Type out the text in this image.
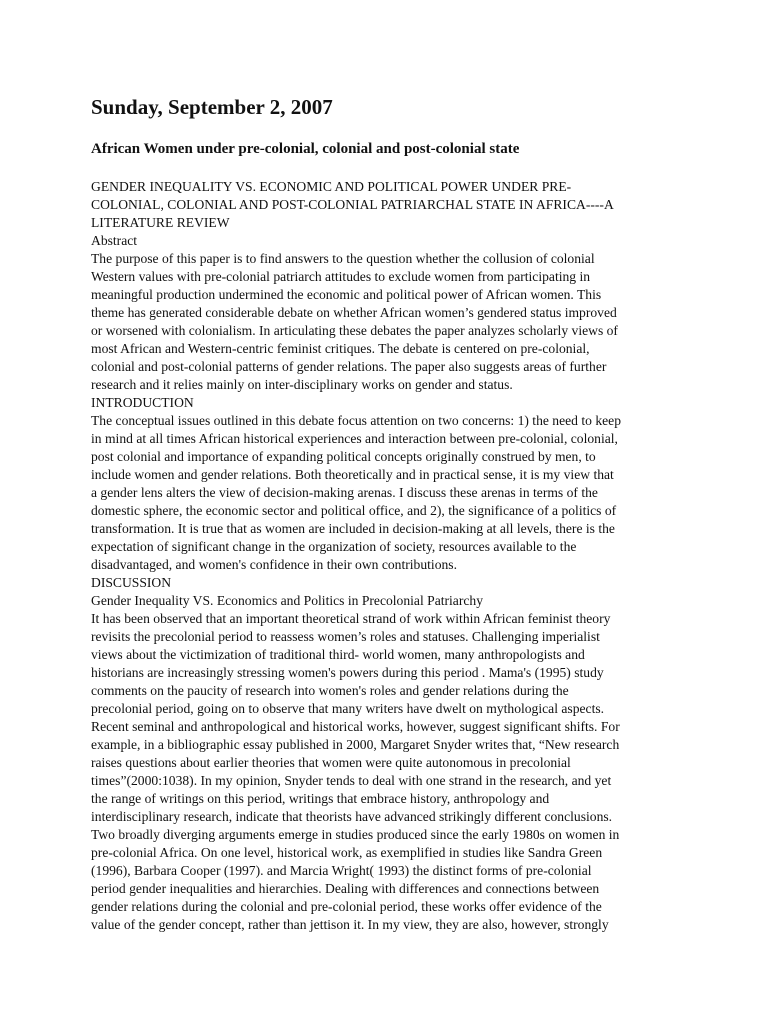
Sunday, September 2, 2007
African Women under pre-colonial, colonial and post-colonial state
GENDER INEQUALITY VS. ECONOMIC AND POLITICAL POWER UNDER PRE-
COLONIAL, COLONIAL AND POST-COLONIAL PATRIARCHAL STATE IN AFRICA----A
LITERATURE REVIEW
Abstract
The purpose of this paper is to find answers to the question whether the collusion of colonial
Western values with pre-colonial patriarch attitudes to exclude women from participating in
meaningful production undermined the economic and political power of African women. This
theme has generated considerable debate on whether African women’s gendered status improved
or worsened with colonialism. In articulating these debates the paper analyzes scholarly views of
most African and Western-centric feminist critiques. The debate is centered on pre-colonial,
colonial and post-colonial patterns of gender relations. The paper also suggests areas of further
research and it relies mainly on inter-disciplinary works on gender and status.
INTRODUCTION
The conceptual issues outlined in this debate focus attention on two concerns: 1) the need to keep
in mind at all times African historical experiences and interaction between pre-colonial, colonial,
post colonial and importance of expanding political concepts originally construed by men, to
include women and gender relations. Both theoretically and in practical sense, it is my view that
a gender lens alters the view of decision-making arenas. I discuss these arenas in terms of the
domestic sphere, the economic sector and political office, and 2), the significance of a politics of
transformation. It is true that as women are included in decision-making at all levels, there is the
expectation of significant change in the organization of society, resources available to the
disadvantaged, and women's confidence in their own contributions.
DISCUSSION
Gender Inequality VS. Economics and Politics in Precolonial Patriarchy
It has been observed that an important theoretical strand of work within African feminist theory
revisits the precolonial period to reassess women’s roles and statuses. Challenging imperialist
views about the victimization of traditional third- world women, many anthropologists and
historians are increasingly stressing women's powers during this period . Mama's (1995) study
comments on the paucity of research into women's roles and gender relations during the
precolonial period, going on to observe that many writers have dwelt on mythological aspects.
Recent seminal and anthropological and historical works, however, suggest significant shifts. For
example, in a bibliographic essay published in 2000, Margaret Snyder writes that, “New research
raises questions about earlier theories that women were quite autonomous in precolonial
times”(2000:1038). In my opinion, Snyder tends to deal with one strand in the research, and yet
the range of writings on this period, writings that embrace history, anthropology and
interdisciplinary research, indicate that theorists have advanced strikingly different conclusions.
Two broadly diverging arguments emerge in studies produced since the early 1980s on women in
pre-colonial Africa. On one level, historical work, as exemplified in studies like Sandra Green
(1996), Barbara Cooper (1997). and Marcia Wright( 1993) the distinct forms of pre-colonial
period gender inequalities and hierarchies. Dealing with differences and connections between
gender relations during the colonial and pre-colonial period, these works offer evidence of the
value of the gender concept, rather than jettison it. In my view, they are also, however, strongly
